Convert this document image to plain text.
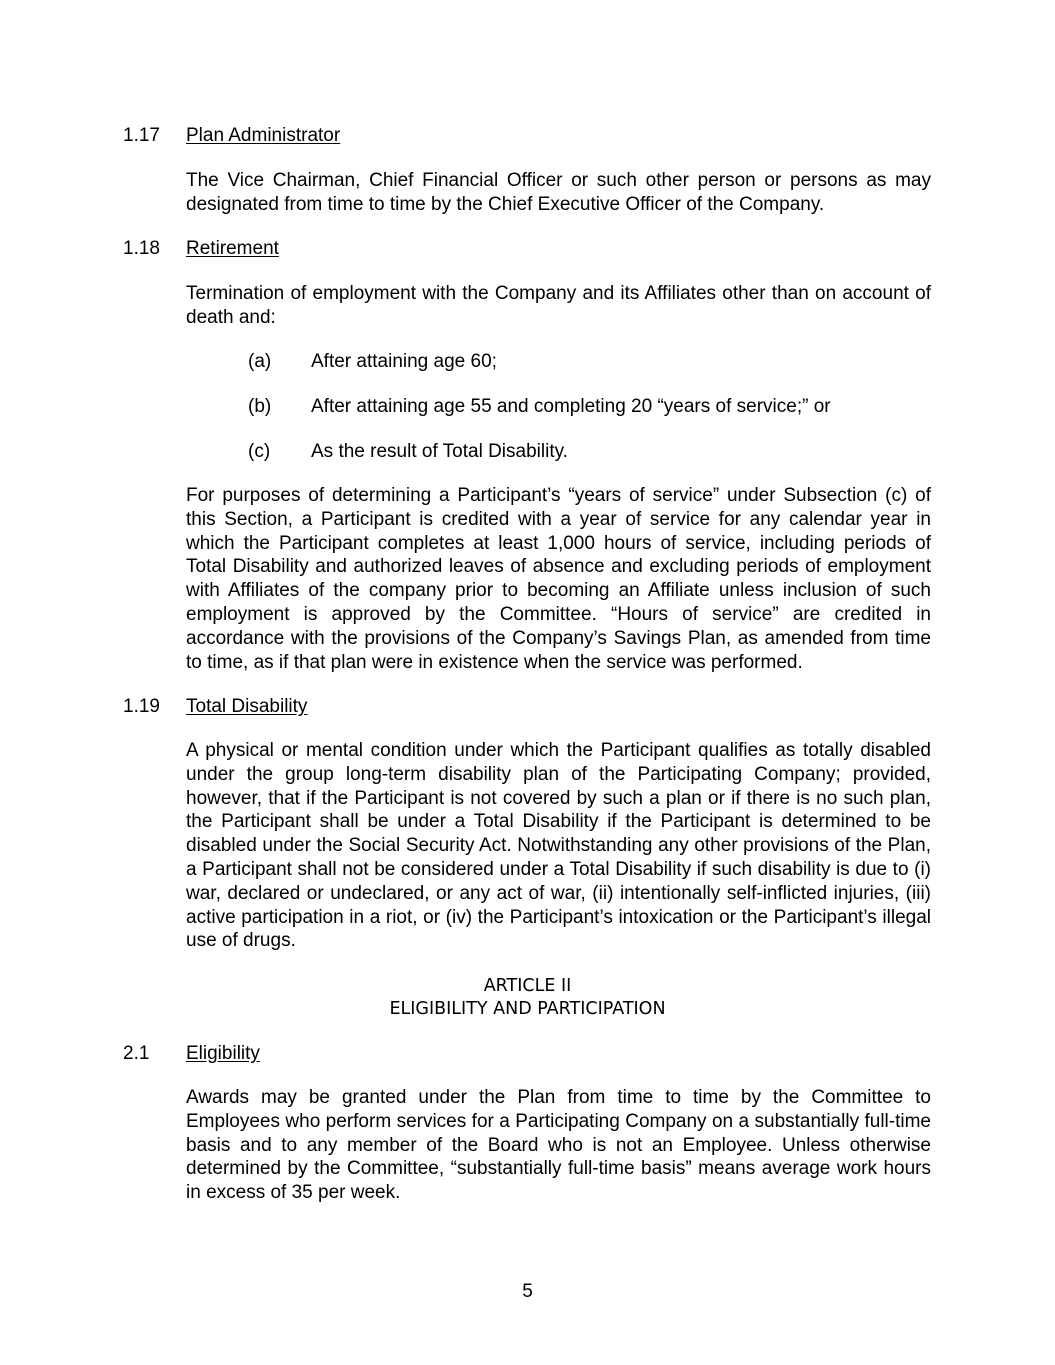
1.17 Plan Administrator

The Vice Chairman, Chief Financial Officer or such other person or persons as may designated from time to time by the Chief Executive Officer of the Company.

1.18 Retirement

Termination of employment with the Company and its Affiliates other than on account of death and:

(a) After attaining age 60;
(b) After attaining age 55 and completing 20 “years of service;” or
(c) As the result of Total Disability.

For purposes of determining a Participant’s “years of service” under Subsection (c) of this Section, a Participant is credited with a year of service for any calendar year in which the Participant completes at least 1,000 hours of service, including periods of Total Disability and authorized leaves of absence and excluding periods of employment with Affiliates of the company prior to becoming an Affiliate unless inclusion of such employment is approved by the Committee. “Hours of service” are credited in accordance with the provisions of the Company’s Savings Plan, as amended from time to time, as if that plan were in existence when the service was performed.

1.19 Total Disability

A physical or mental condition under which the Participant qualifies as totally disabled under the group long-term disability plan of the Participating Company; provided, however, that if the Participant is not covered by such a plan or if there is no such plan, the Participant shall be under a Total Disability if the Participant is determined to be disabled under the Social Security Act. Notwithstanding any other provisions of the Plan, a Participant shall not be considered under a Total Disability if such disability is due to (i) war, declared or undeclared, or any act of war, (ii) intentionally self-inflicted injuries, (iii) active participation in a riot, or (iv) the Participant’s intoxication or the Participant’s illegal use of drugs.

ARTICLE II
ELIGIBILITY AND PARTICIPATION
2.1 Eligibility

Awards may be granted under the Plan from time to time by the Committee to Employees who perform services for a Participating Company on a substantially full-time basis and to any member of the Board who is not an Employee. Unless otherwise determined by the Committee, “substantially full-time basis” means average work hours in excess of 35 per week.

5
